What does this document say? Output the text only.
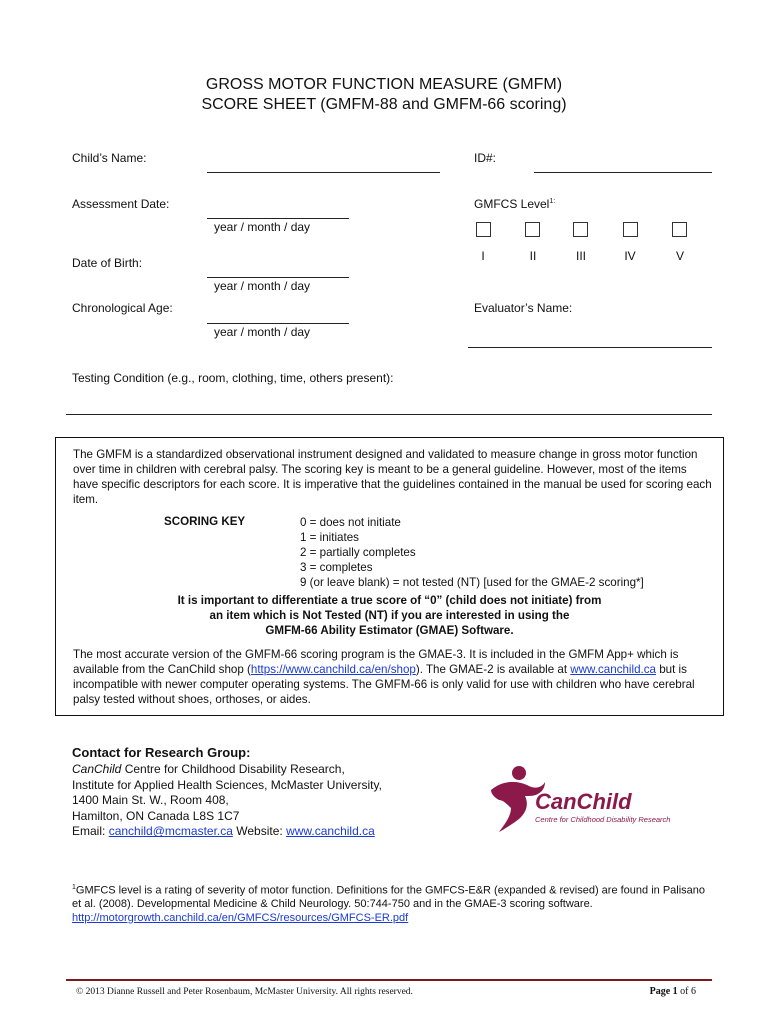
GROSS MOTOR FUNCTION MEASURE (GMFM)
SCORE SHEET (GMFM-88 and GMFM-66 scoring)
Child’s Name:	ID#:
Assessment Date:
year / month / day
GMFCS Level$^{1:}$
I	II	III	IV	V
Date of Birth:
year / month / day
Chronological Age:
year / month / day
Evaluator’s Name:
Testing Condition (e.g., room, clothing, time, others present):
The GMFM is a standardized observational instrument designed and validated to measure change in gross motor function over time in children with cerebral palsy. The scoring key is meant to be a general guideline. However, most of the items have specific descriptors for each score. It is imperative that the guidelines contained in the manual be used for scoring each item.
SCORING KEY	0 = does not initiate
1 = initiates
2 = partially completes
3 = completes
9 (or leave blank) = not tested (NT) [used for the GMAE-2 scoring*]
It is important to differentiate a true score of “0” (child does not initiate) from
an item which is Not Tested (NT) if you are interested in using the
GMFM-66 Ability Estimator (GMAE) Software.
The most accurate version of the GMFM-66 scoring program is the GMAE-3. It is included in the GMFM App+ which is available from the CanChild shop (https://www.canchild.ca/en/shop). The GMAE-2 is available at www.canchild.ca but is incompatible with newer computer operating systems. The GMFM-66 is only valid for use with children who have cerebral palsy tested without shoes, orthoses, or aides.
Contact for Research Group:
CanChild Centre for Childhood Disability Research,
Institute for Applied Health Sciences, McMaster University,
1400 Main St. W., Room 408,
Hamilton, ON Canada L8S 1C7
Email: canchild@mcmaster.ca Website: www.canchild.ca
CanChild
Centre for Childhood Disability Research
$^1$GMFCS level is a rating of severity of motor function. Definitions for the GMFCS-E&R (expanded & revised) are found in Palisano et al. (2008). Developmental Medicine & Child Neurology. 50:744-750 and in the GMAE-3 scoring software.
http://motorgrowth.canchild.ca/en/GMFCS/resources/GMFCS-ER.pdf
© 2013 Dianne Russell and Peter Rosenbaum, McMaster University. All rights reserved.	Page 1 of 6
